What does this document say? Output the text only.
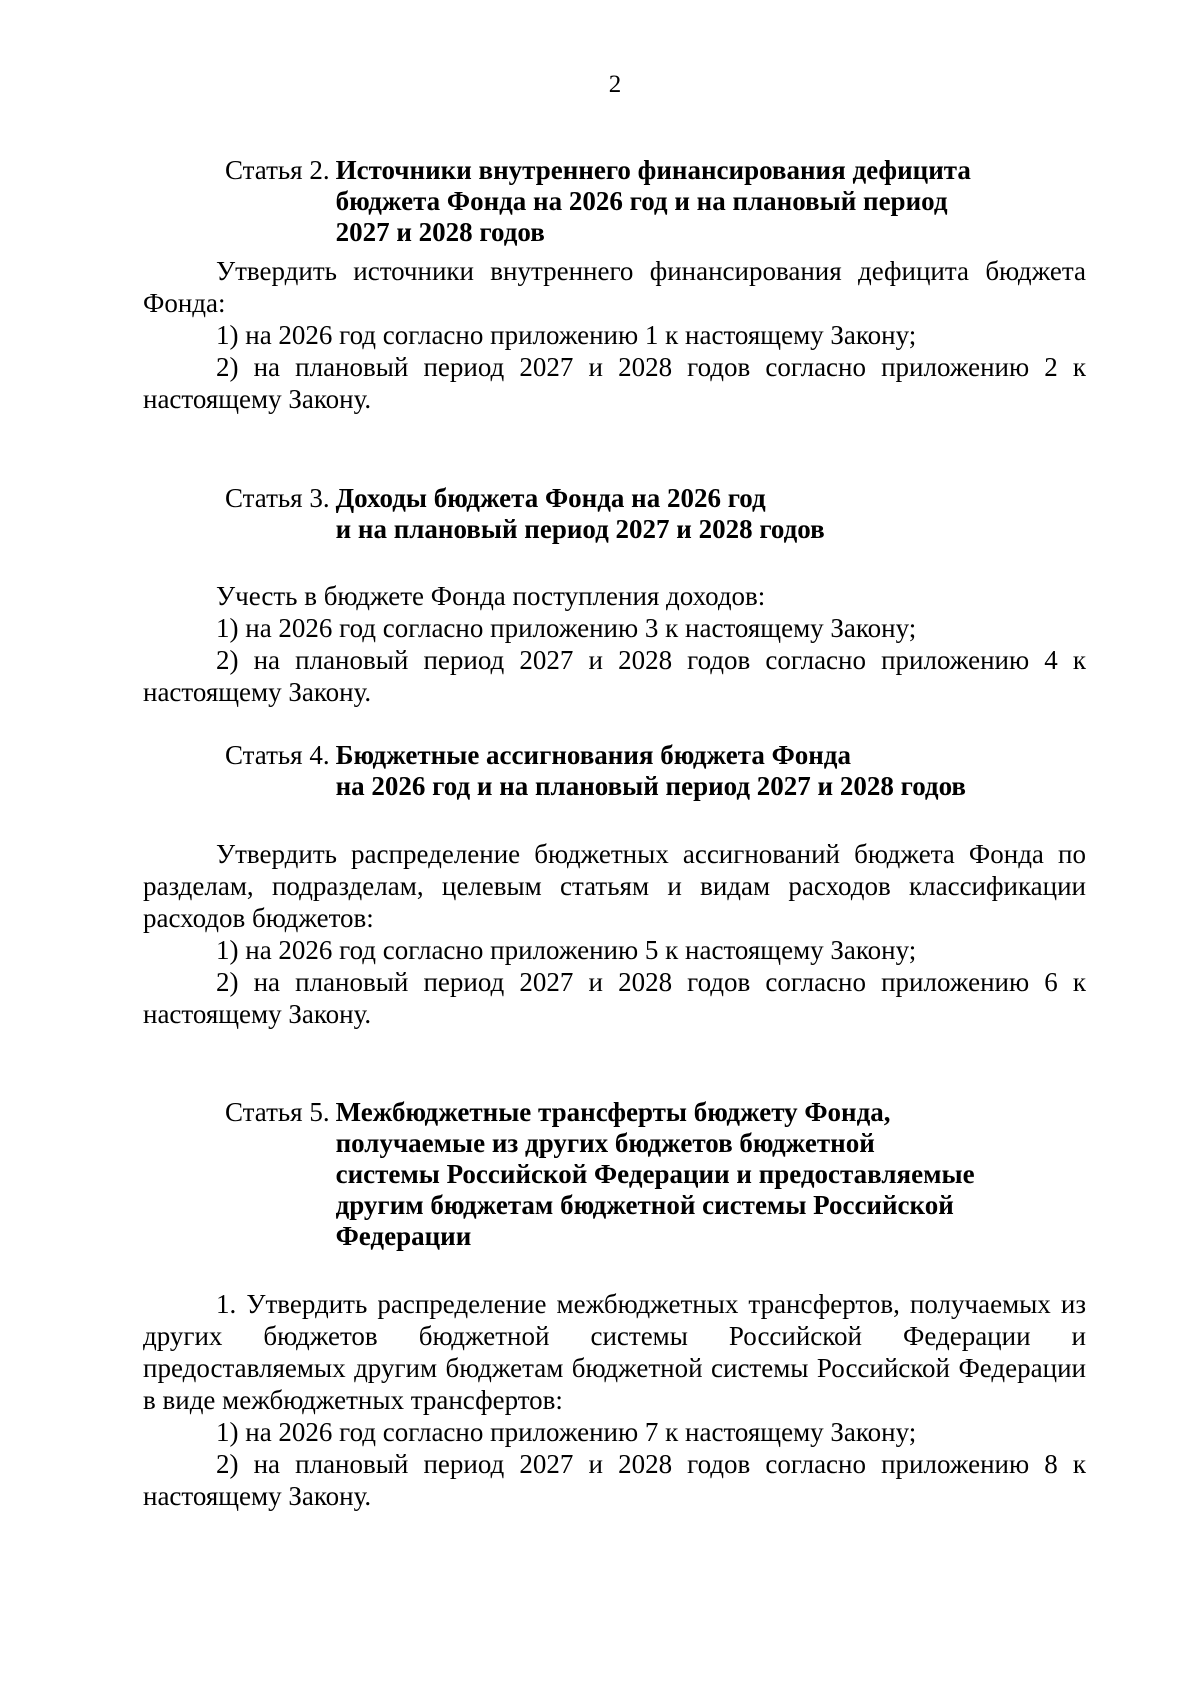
2
Статья 2. Источники внутреннего финансирования дефицита
бюджета Фонда на 2026 год и на плановый период
2027 и 2028 годов

Утвердить источники внутреннего финансирования дефицита бюджета Фонда:

1) на 2026 год согласно приложению 1 к настоящему Закону;

2) на плановый период 2027 и 2028 годов согласно приложению 2 к настоящему Закону.

Статья 3. Доходы бюджета Фонда на 2026 год
и на плановый период 2027 и 2028 годов

Учесть в бюджете Фонда поступления доходов:

1) на 2026 год согласно приложению 3 к настоящему Закону;

2) на плановый период 2027 и 2028 годов согласно приложению 4 к настоящему Закону.

Статья 4. Бюджетные ассигнования бюджета Фонда
на 2026 год и на плановый период 2027 и 2028 годов

Утвердить распределение бюджетных ассигнований бюджета Фонда по разделам, подразделам, целевым статьям и видам расходов классификации расходов бюджетов:

1) на 2026 год согласно приложению 5 к настоящему Закону;

2) на плановый период 2027 и 2028 годов согласно приложению 6 к настоящему Закону.

Статья 5. Межбюджетные трансферты бюджету Фонда,
получаемые из других бюджетов бюджетной
системы Российской Федерации и предоставляемые
другим бюджетам бюджетной системы Российской
Федерации

1. Утвердить распределение межбюджетных трансфертов, получаемых из других бюджетов бюджетной системы Российской Федерации и предоставляемых другим бюджетам бюджетной системы Российской Федерации в виде межбюджетных трансфертов:

1) на 2026 год согласно приложению 7 к настоящему Закону;

2) на плановый период 2027 и 2028 годов согласно приложению 8 к настоящему Закону.
